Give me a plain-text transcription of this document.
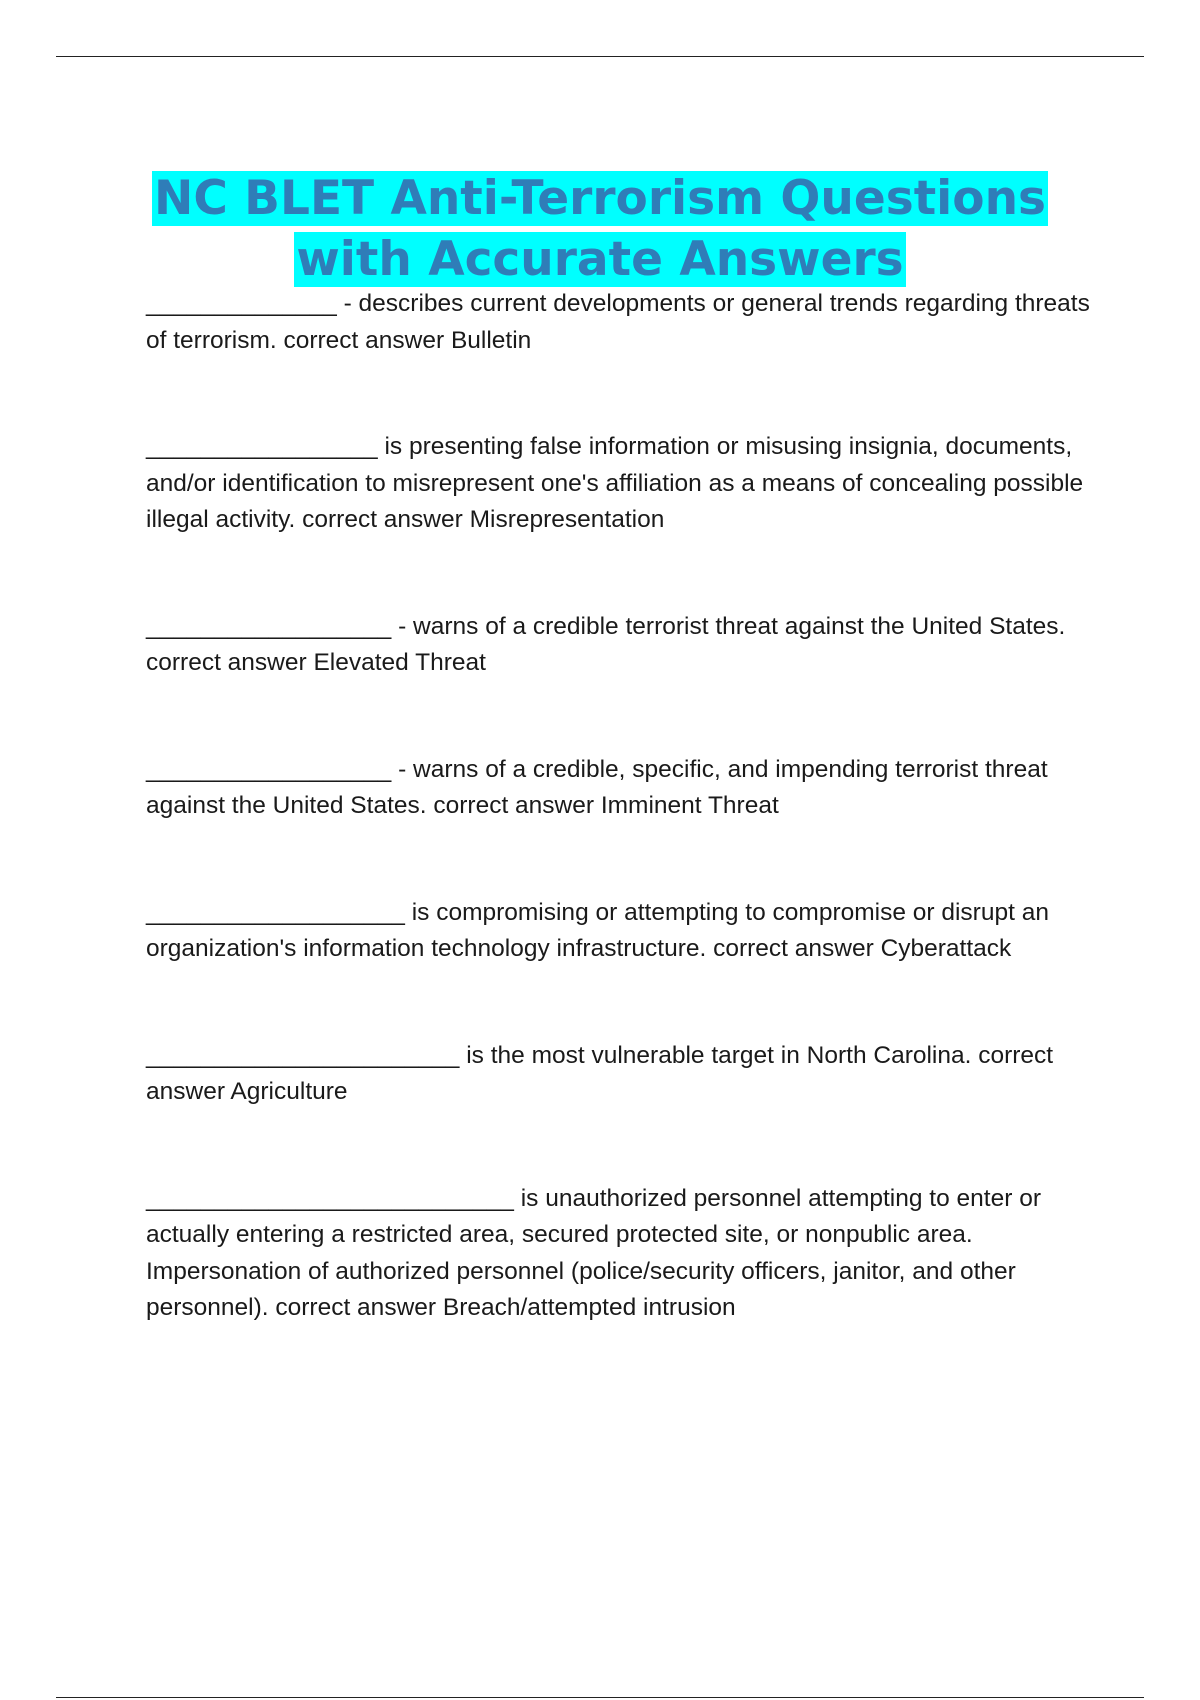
NC BLET Anti-Terrorism Questions
with Accurate Answers

______________ - describes current developments or general trends regarding threats of terrorism. correct answer Bulletin

_________________ is presenting false information or misusing insignia, documents, and/or identification to misrepresent one's affiliation as a means of concealing possible illegal activity. correct answer Misrepresentation

__________________ - warns of a credible terrorist threat against the United States. correct answer Elevated Threat

__________________ - warns of a credible, specific, and impending terrorist threat against the United States. correct answer Imminent Threat

___________________ is compromising or attempting to compromise or disrupt an organization's information technology infrastructure. correct answer Cyberattack

_______________________ is the most vulnerable target in North Carolina. correct answer Agriculture

___________________________ is unauthorized personnel attempting to enter or actually entering a restricted area, secured protected site, or nonpublic area. Impersonation of authorized personnel (police/security officers, janitor, and other personnel). correct answer Breach/attempted intrusion
